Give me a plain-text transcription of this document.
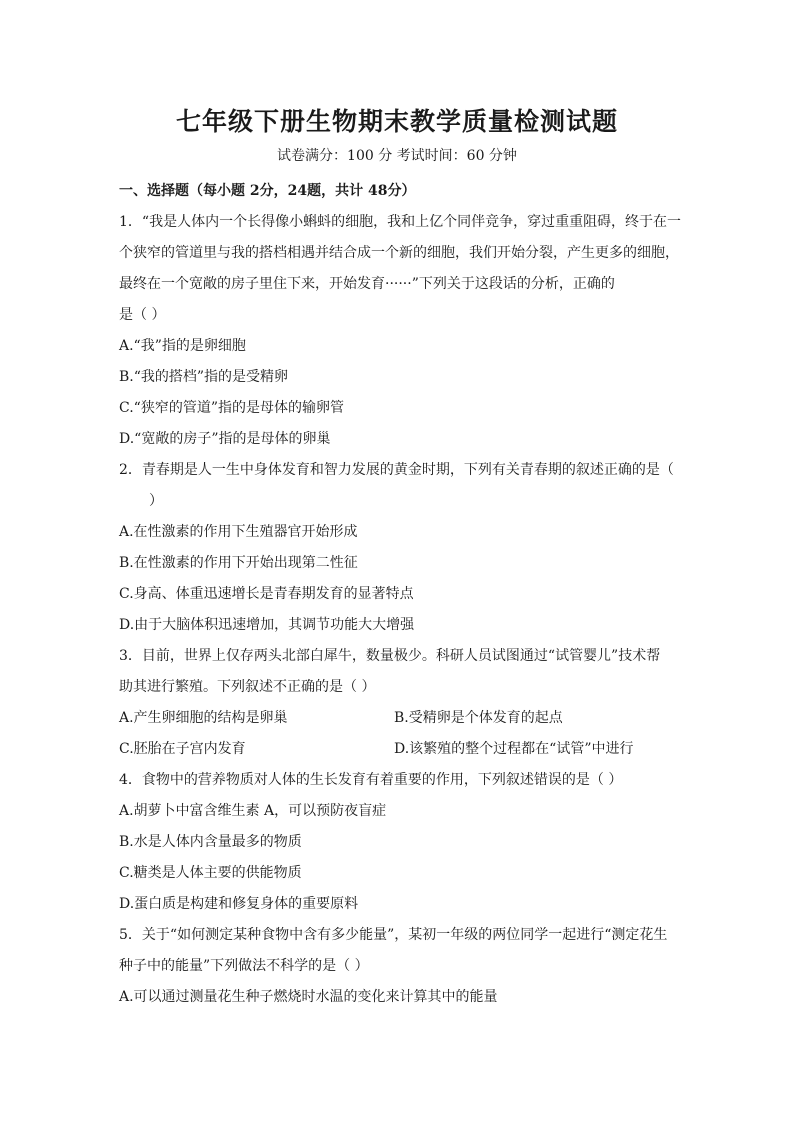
七年级下册生物期末教学质量检测试题
试卷满分：100 分 考试时间：60 分钟
一、选择题（每小题 2分，24题，共计 48分）
1．“我是人体内一个长得像小蝌蚪的细胞，我和上亿个同伴竞争，穿过重重阻碍，终于在一
个狭窄的管道里与我的搭档相遇并结合成一个新的细胞，我们开始分裂，产生更多的细胞，
最终在一个宽敞的房子里住下来，开始发育······”下列关于这段话的分析，正确的
是（ ）
A.“我”指的是卵细胞
B.“我的搭档”指的是受精卵
C.“狭窄的管道”指的是母体的输卵管
D.“宽敞的房子”指的是母体的卵巢
2．青春期是人一生中身体发育和智力发展的黄金时期，下列有关青春期的叙述正确的是（
）
A.在性激素的作用下生殖器官开始形成
B.在性激素的作用下开始出现第二性征
C.身高、体重迅速增长是青春期发育的显著特点
D.由于大脑体积迅速增加，其调节功能大大增强
3．目前，世界上仅存两头北部白犀牛，数量极少。科研人员试图通过“试管婴儿”技术帮
助其进行繁殖。下列叙述不正确的是（ ）
A.产生卵细胞的结构是卵巢	B.受精卵是个体发育的起点
C.胚胎在子宫内发育	D.该繁殖的整个过程都在“试管”中进行
4．食物中的营养物质对人体的生长发育有着重要的作用，下列叙述错误的是（ ）
A.胡萝卜中富含维生素 A，可以预防夜盲症
B.水是人体内含量最多的物质
C.糖类是人体主要的供能物质
D.蛋白质是构建和修复身体的重要原料
5．关于“如何测定某种食物中含有多少能量”，某初一年级的两位同学一起进行“测定花生
种子中的能量”下列做法不科学的是（ ）
A.可以通过测量花生种子燃烧时水温的变化来计算其中的能量
